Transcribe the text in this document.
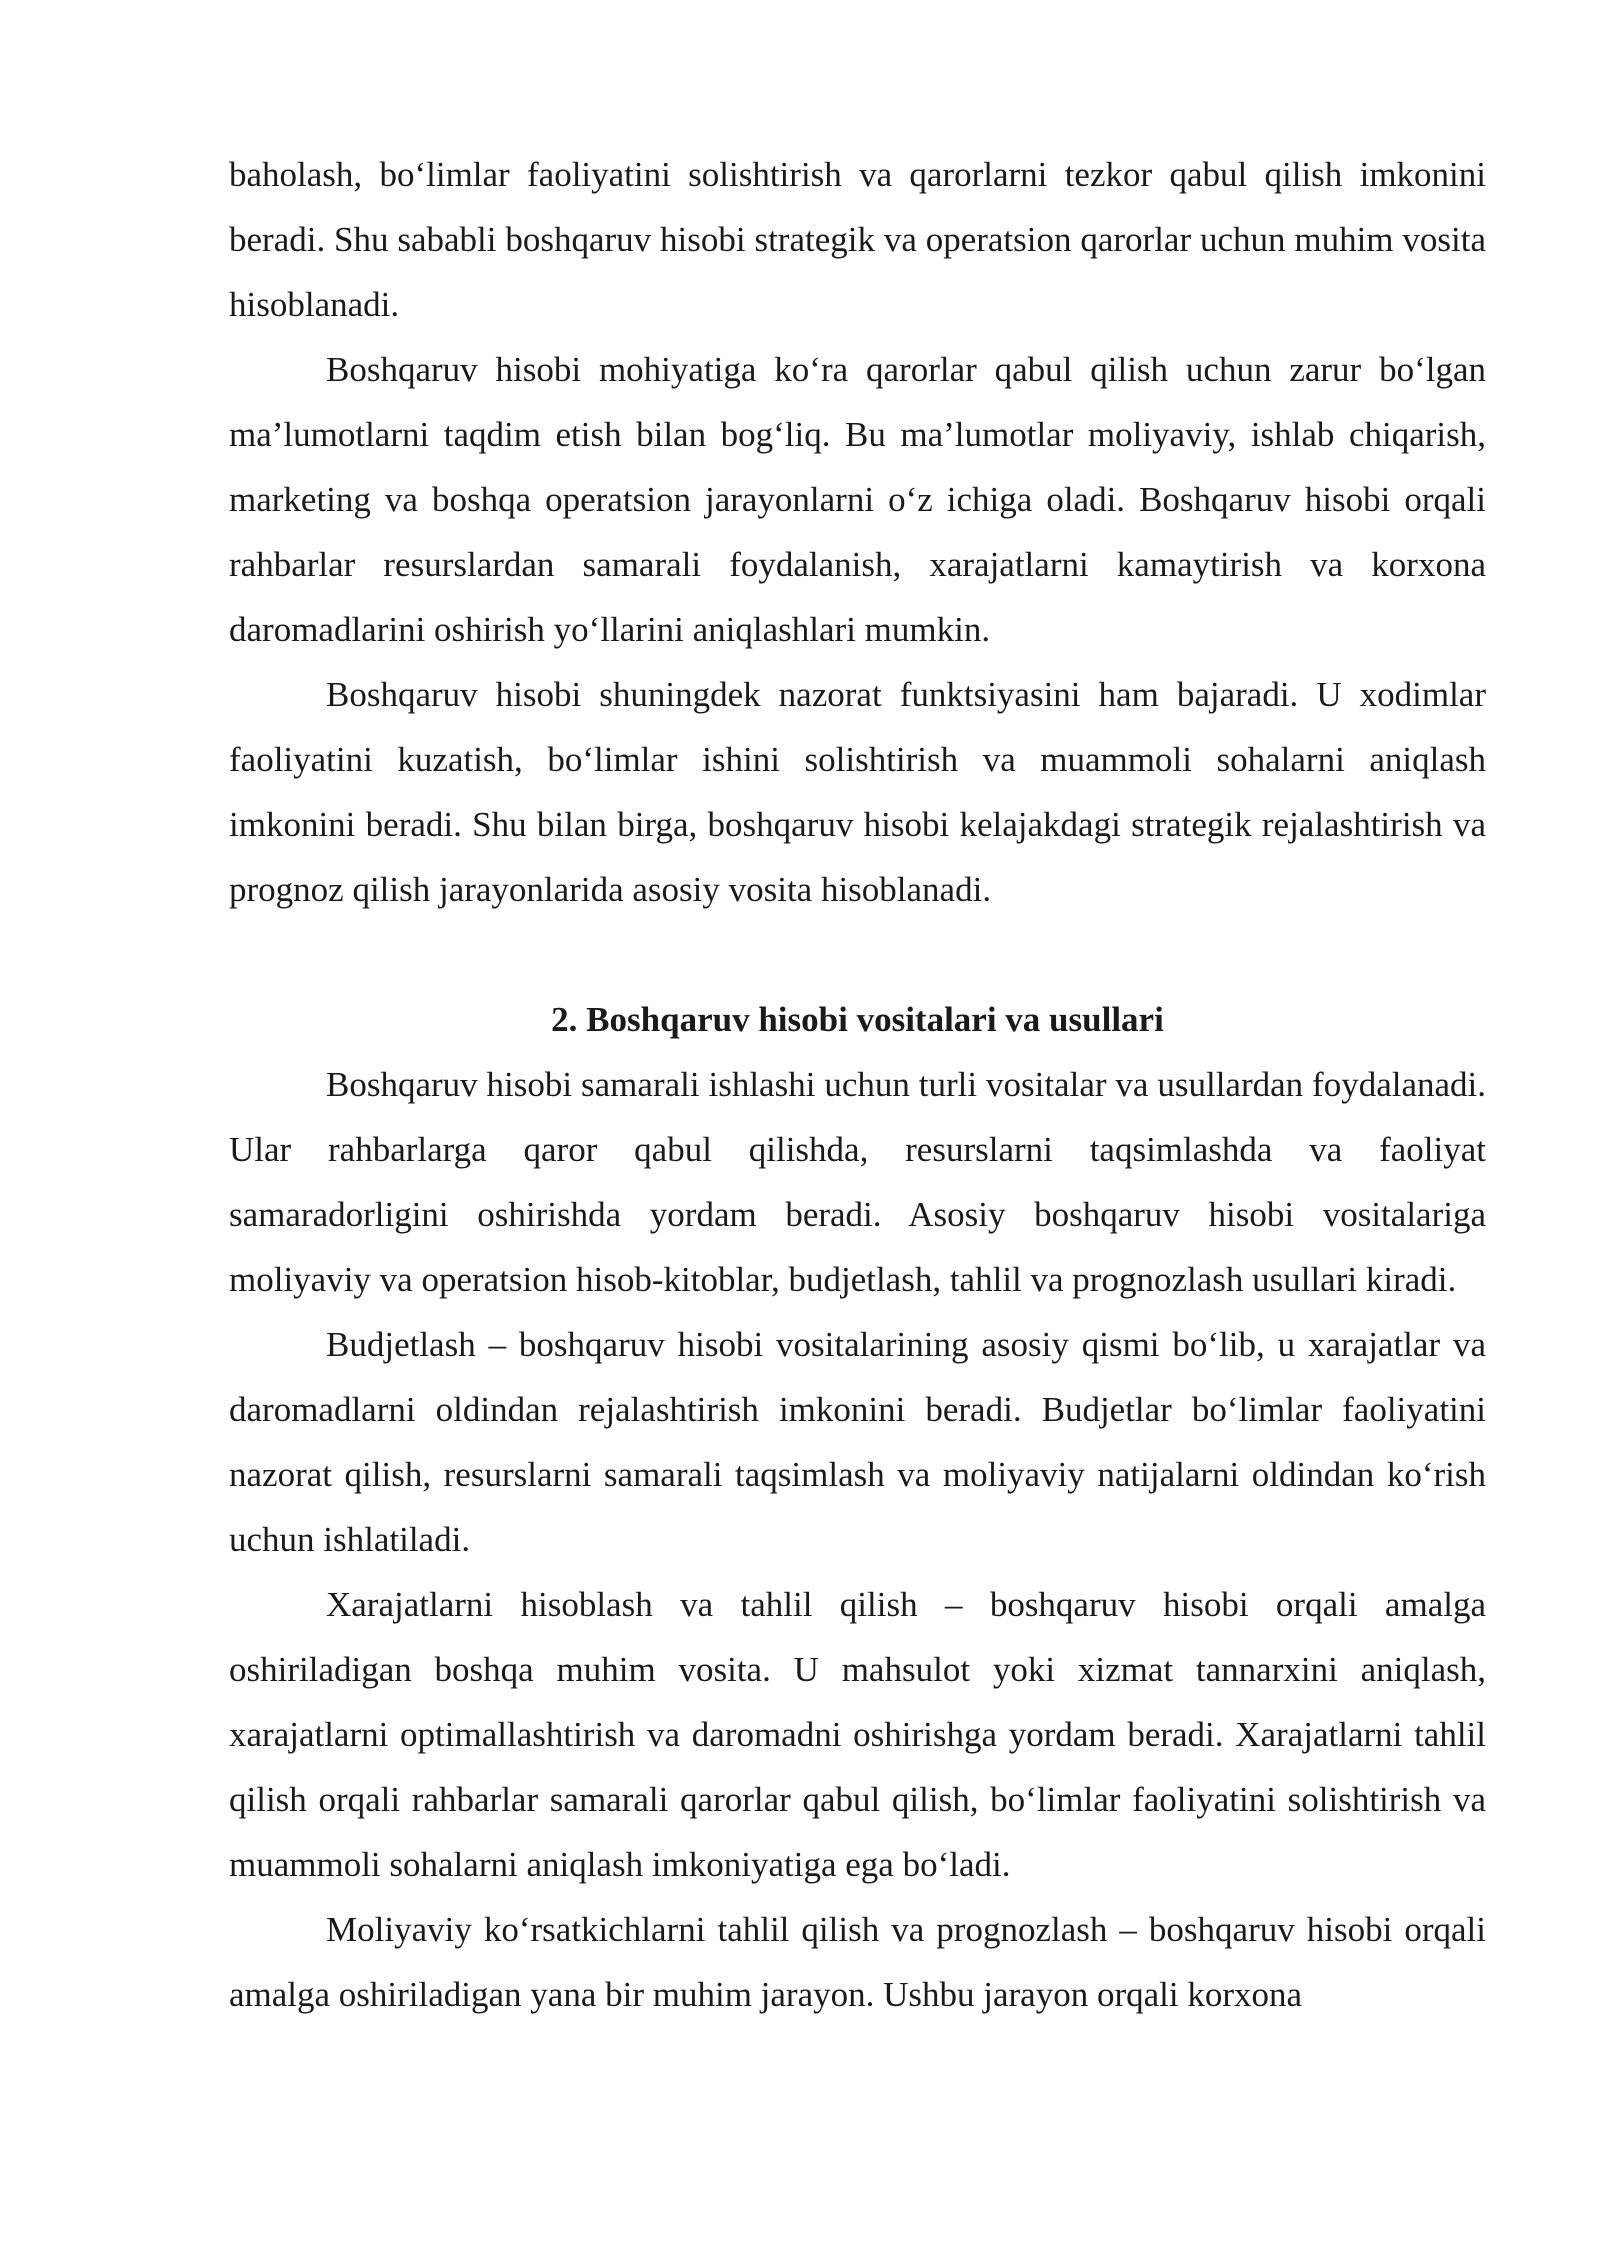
baholash, bo‘limlar faoliyatini solishtirish va qarorlarni tezkor qabul qilish imkonini beradi. Shu sababli boshqaruv hisobi strategik va operatsion qarorlar uchun muhim vosita hisoblanadi.

Boshqaruv hisobi mohiyatiga ko‘ra qarorlar qabul qilish uchun zarur bo‘lgan ma’lumotlarni taqdim etish bilan bog‘liq. Bu ma’lumotlar moliyaviy, ishlab chiqarish, marketing va boshqa operatsion jarayonlarni o‘z ichiga oladi. Boshqaruv hisobi orqali rahbarlar resurslardan samarali foydalanish, xarajatlarni kamaytirish va korxona daromadlarini oshirish yo‘llarini aniqlashlari mumkin.

Boshqaruv hisobi shuningdek nazorat funktsiyasini ham bajaradi. U xodimlar faoliyatini kuzatish, bo‘limlar ishini solishtirish va muammoli sohalarni aniqlash imkonini beradi. Shu bilan birga, boshqaruv hisobi kelajakdagi strategik rejalashtirish va prognoz qilish jarayonlarida asosiy vosita hisoblanadi.

2. Boshqaruv hisobi vositalari va usullari

Boshqaruv hisobi samarali ishlashi uchun turli vositalar va usullardan foydalanadi. Ular rahbarlarga qaror qabul qilishda, resurslarni taqsimlashda va faoliyat samaradorligini oshirishda yordam beradi. Asosiy boshqaruv hisobi vositalariga moliyaviy va operatsion hisob-kitoblar, budjetlash, tahlil va prognozlash usullari kiradi.

Budjetlash – boshqaruv hisobi vositalarining asosiy qismi bo‘lib, u xarajatlar va daromadlarni oldindan rejalashtirish imkonini beradi. Budjetlar bo‘limlar faoliyatini nazorat qilish, resurslarni samarali taqsimlash va moliyaviy natijalarni oldindan ko‘rish uchun ishlatiladi.

Xarajatlarni hisoblash va tahlil qilish – boshqaruv hisobi orqali amalga oshiriladigan boshqa muhim vosita. U mahsulot yoki xizmat tannarxini aniqlash, xarajatlarni optimallashtirish va daromadni oshirishga yordam beradi. Xarajatlarni tahlil qilish orqali rahbarlar samarali qarorlar qabul qilish, bo‘limlar faoliyatini solishtirish va muammoli sohalarni aniqlash imkoniyatiga ega bo‘ladi.

Moliyaviy ko‘rsatkichlarni tahlil qilish va prognozlash – boshqaruv hisobi orqali amalga oshiriladigan yana bir muhim jarayon. Ushbu jarayon orqali korxona
